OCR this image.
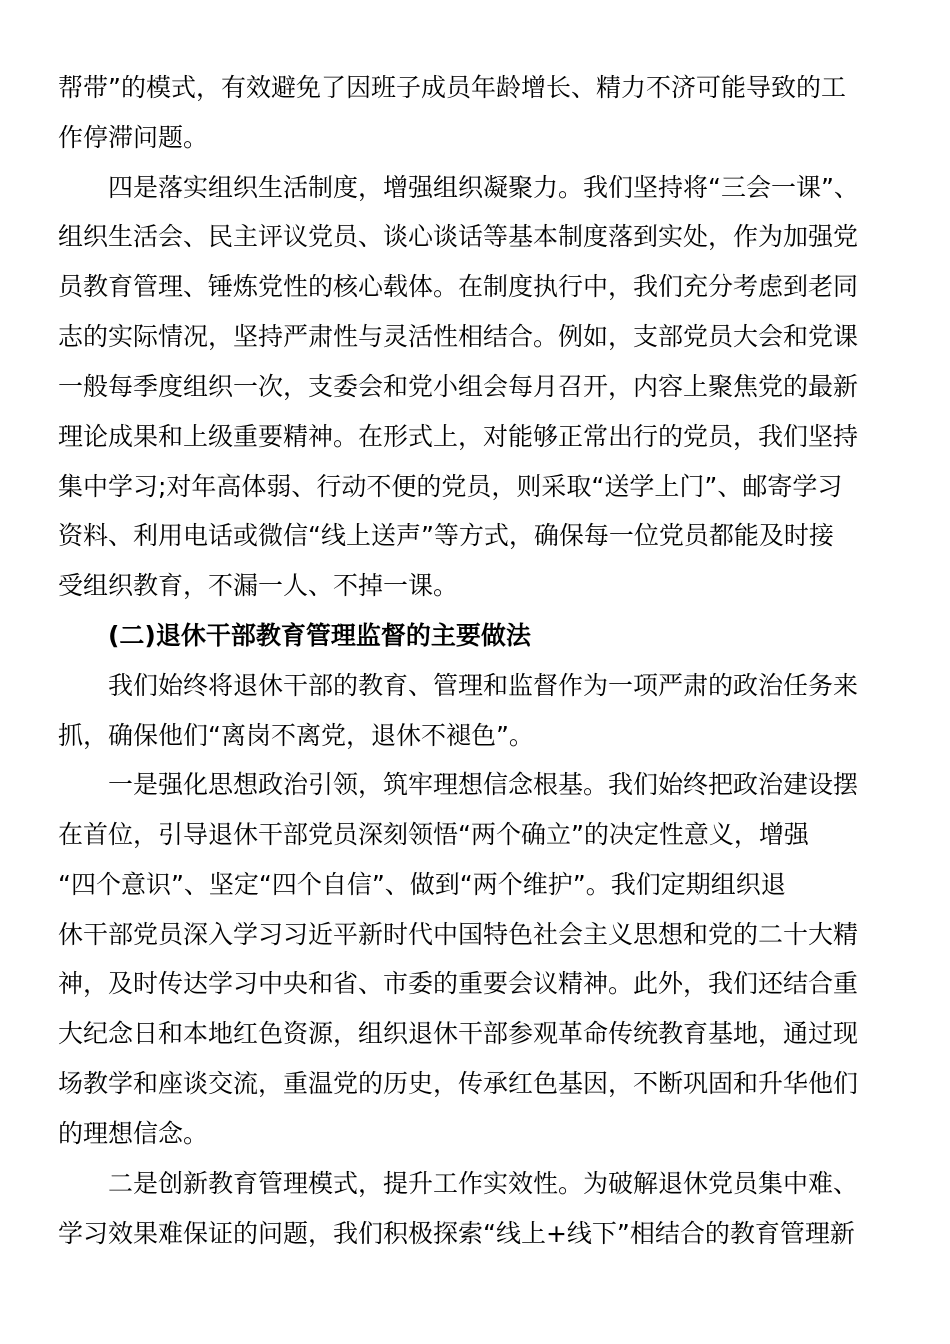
帮带”的模式，有效避免了因班子成员年龄增长、精力不济可能导致的工
作停滞问题。
四是落实组织生活制度，增强组织凝聚力。我们坚持将“三会一课”、
组织生活会、民主评议党员、谈心谈话等基本制度落到实处，作为加强党
员教育管理、锤炼党性的核心载体。在制度执行中，我们充分考虑到老同
志的实际情况，坚持严肃性与灵活性相结合。例如，支部党员大会和党课
一般每季度组织一次，支委会和党小组会每月召开，内容上聚焦党的最新
理论成果和上级重要精神。在形式上，对能够正常出行的党员，我们坚持
集中学习;对年高体弱、行动不便的党员，则采取“送学上门”、邮寄学习
资料、利用电话或微信“线上送声”等方式，确保每一位党员都能及时接
受组织教育，不漏一人、不掉一课。
(二)退休干部教育管理监督的主要做法
我们始终将退休干部的教育、管理和监督作为一项严肃的政治任务来
抓，确保他们“离岗不离党，退休不褪色”。
一是强化思想政治引领，筑牢理想信念根基。我们始终把政治建设摆
在首位，引导退休干部党员深刻领悟“两个确立”的决定性意义，增强
“四个意识”、坚定“四个自信”、做到“两个维护”。我们定期组织退
休干部党员深入学习习近平新时代中国特色社会主义思想和党的二十大精
神，及时传达学习中央和省、市委的重要会议精神。此外，我们还结合重
大纪念日和本地红色资源，组织退休干部参观革命传统教育基地，通过现
场教学和座谈交流，重温党的历史，传承红色基因，不断巩固和升华他们
的理想信念。
二是创新教育管理模式，提升工作实效性。为破解退休党员集中难、
学习效果难保证的问题，我们积极探索“线上+线下”相结合的教育管理新
